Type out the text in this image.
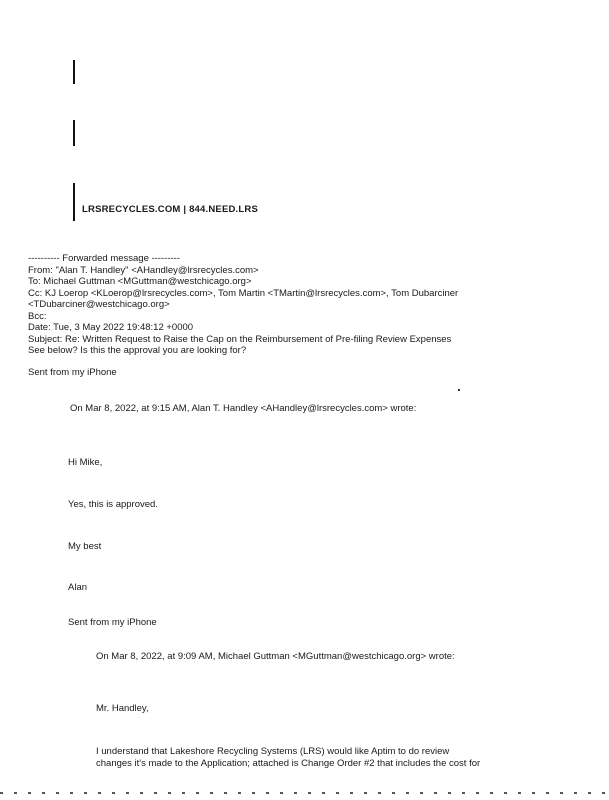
LRSRECYCLES.COM | 844.NEED.LRS
---------- Forwarded message ---------
From: "Alan T. Handley" <AHandley@lrsrecycles.com>
To: Michael Guttman <MGuttman@westchicago.org>
Cc: KJ Loerop <KLoerop@lrsrecycles.com>, Tom Martin <TMartin@lrsrecycles.com>, Tom Dubarciner
<TDubarciner@westchicago.org>
Bcc:
Date: Tue, 3 May 2022 19:48:12 +0000
Subject: Re: Written Request to Raise the Cap on the Reimbursement of Pre-filing Review Expenses
See below? Is this the approval you are looking for?
Sent from my iPhone
On Mar 8, 2022, at 9:15 AM, Alan T. Handley <AHandley@lrsrecycles.com> wrote:
Hi Mike,
Yes, this is approved.
My best
Alan
Sent from my iPhone
On Mar 8, 2022, at 9:09 AM, Michael Guttman <MGuttman@westchicago.org> wrote:
Mr. Handley,
I understand that Lakeshore Recycling Systems (LRS) would like Aptim to do review
changes it's made to the Application; attached is Change Order #2 that includes the cost for
